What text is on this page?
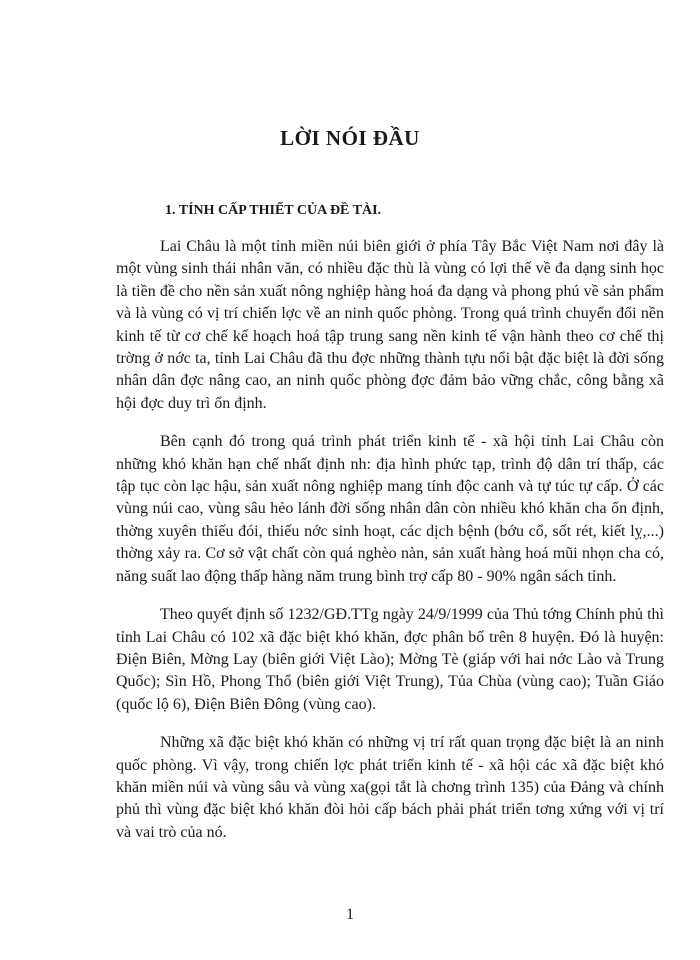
LỜI NÓI ĐẦU
1. TÍNH CẤP THIẾT CỦA ĐỀ TÀI.

Lai Châu là một tỉnh miền núi biên giới ở phía Tây Bắc Việt Nam nơi đây là một vùng sinh thái nhân văn, có nhiều đặc thù là vùng có lợi thế về đa dạng sinh học là tiền đề cho nền sản xuất nông nghiệp hàng hoá đa dạng và phong phú về sản phẩm và là vùng có vị trí chiến lợc về an ninh quốc phòng. Trong quá trình chuyển đổi nền kinh tế từ cơ chế kế hoạch hoá tập trung sang nền kinh tế vận hành theo cơ chế thị trờng ở nớc ta, tỉnh Lai Châu đã thu đợc những thành tựu nổi bật đặc biệt là đời sống nhân dân đợc nâng cao, an ninh quốc phòng đợc đảm bảo vững chắc, công bằng xã hội đợc duy trì ổn định.

Bên cạnh đó trong quá trình phát triển kinh tế - xã hội tỉnh Lai Châu còn những khó khăn hạn chế nhất định nh: địa hình phức tạp, trình độ dân trí thấp, các tập tục còn lạc hậu, sản xuất nông nghiệp mang tính độc canh và tự túc tự cấp. Ở các vùng núi cao, vùng sâu hẻo lánh đời sống nhân dân còn nhiều khó khăn cha ổn định, thờng xuyên thiếu đói, thiếu nớc sinh hoạt, các dịch bệnh (bớu cổ, sốt rét, kiết lỵ,...) thờng xảy ra. Cơ sở vật chất còn quá nghèo nàn, sản xuất hàng hoá mũi nhọn cha có, năng suất lao động thấp hàng năm trung bình trợ cấp 80 - 90% ngân sách tỉnh.

Theo quyết định số 1232/GĐ.TTg ngày 24/9/1999 của Thủ tớng Chính phủ thì tỉnh Lai Châu có 102 xã đặc biệt khó khăn, đợc phân bố trên 8 huyện. Đó là huyện: Điện Biên, Mờng Lay (biên giới Việt Lào); Mờng Tè (giáp với hai nớc Lào và Trung Quốc); Sìn Hồ, Phong Thổ (biên giới Việt Trung), Tủa Chùa (vùng cao); Tuần Giáo (quốc lộ 6), Điện Biên Đông (vùng cao).

Những xã đặc biệt khó khăn có những vị trí rất quan trọng đặc biệt là an ninh quốc phòng. Vì vậy, trong chiến lợc phát triển kinh tế - xã hội các xã đặc biệt khó khăn miền núi và vùng sâu và vùng xa(gọi tắt là chơng trình 135) của Đảng và chính phủ thì vùng đặc biệt khó khăn đòi hỏi cấp bách phải phát triển tơng xứng với vị trí và vai trò của nó.

1
